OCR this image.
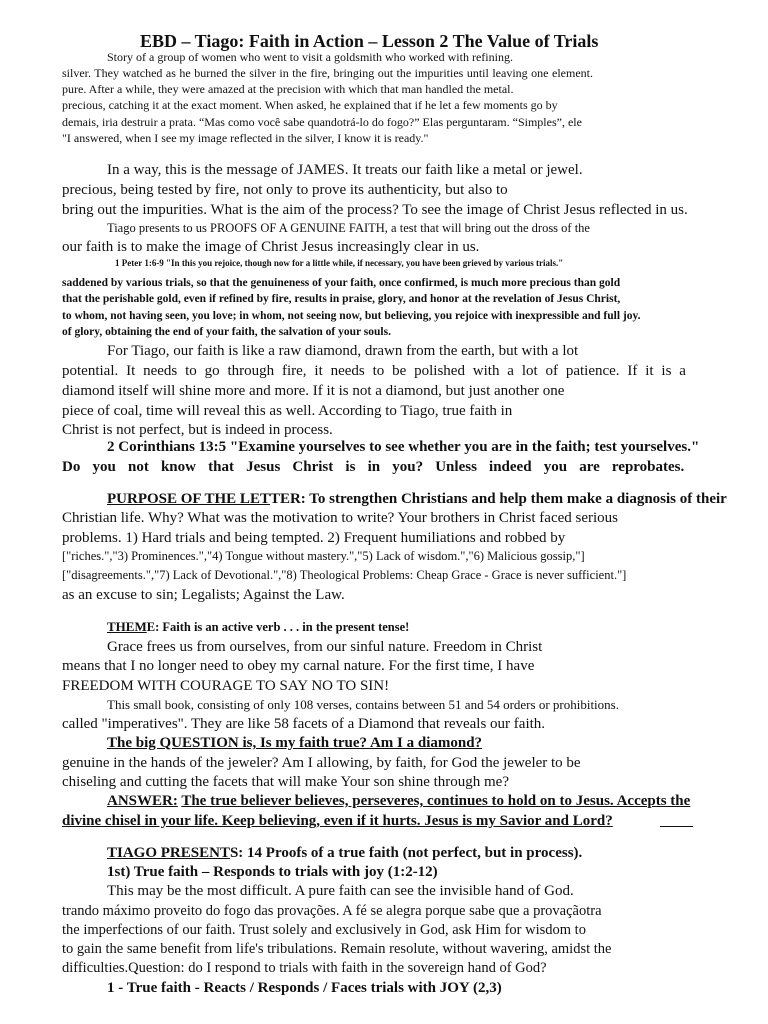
EBD – Tiago: Faith in Action – Lesson 2 The Value of Trials
Story of a group of women who went to visit a goldsmith who worked with refining.
silver. They watched as he burned the silver in the fire, bringing out the impurities until leaving one element.
pure. After a while, they were amazed at the precision with which that man handled the metal.
precious, catching it at the exact moment. When asked, he explained that if he let a few moments go by
demais, iria destruir a prata. “Mas como você sabe quandotrá-lo do fogo?” Elas perguntaram. “Simples”, ele
"I answered, when I see my image reflected in the silver, I know it is ready."
In a way, this is the message of JAMES. It treats our faith like a metal or jewel.
precious, being tested by fire, not only to prove its authenticity, but also to
bring out the impurities. What is the aim of the process? To see the image of Christ Jesus reflected in us.
Tiago presents to us PROOFS OF A GENUINE FAITH, a test that will bring out the dross of the
our faith is to make the image of Christ Jesus increasingly clear in us.
1 Peter 1:6-9 "In this you rejoice, though now for a little while, if necessary, you have been grieved by various trials."
saddened by various trials, so that the genuineness of your faith, once confirmed, is much more precious than gold
that the perishable gold, even if refined by fire, results in praise, glory, and honor at the revelation of Jesus Christ,
to whom, not having seen, you love; in whom, not seeing now, but believing, you rejoice with inexpressible and full joy.
of glory, obtaining the end of your faith, the salvation of your souls.
For Tiago, our faith is like a raw diamond, drawn from the earth, but with a lot
potential. It needs to go through fire, it needs to be polished with a lot of patience. If it is a
diamond itself will shine more and more. If it is not a diamond, but just another one
piece of coal, time will reveal this as well. According to Tiago, true faith in
Christ is not perfect, but is indeed in process.
2 Corinthians 13:5 "Examine yourselves to see whether you are in the faith; test yourselves."
Do you not know that Jesus Christ is in you? Unless indeed you are reprobates.
PURPOSE OF THE LETTER: To strengthen Christians and help them make a diagnosis of their
Christian life. Why? What was the motivation to write? Your brothers in Christ faced serious
problems. 1) Hard trials and being tempted. 2) Frequent humiliations and robbed by
["riches.","3) Prominences.","4) Tongue without mastery.","5) Lack of wisdom.","6) Malicious gossip,"]
["disagreements.","7) Lack of Devotional.","8) Theological Problems: Cheap Grace - Grace is never sufficient."]
as an excuse to sin; Legalists; Against the Law.
THEME: Faith is an active verb . . . in the present tense!
Grace frees us from ourselves, from our sinful nature. Freedom in Christ
means that I no longer need to obey my carnal nature. For the first time, I have
FREEDOM WITH COURAGE TO SAY NO TO SIN!
This small book, consisting of only 108 verses, contains between 51 and 54 orders or prohibitions.
called "imperatives". They are like 58 facets of a Diamond that reveals our faith.
The big QUESTION is, Is my faith true? Am I a diamond?
genuine in the hands of the jeweler? Am I allowing, by faith, for God the jeweler to be
chiseling and cutting the facets that will make Your son shine through me?
ANSWER: The true believer believes, perseveres, continues to hold on to Jesus. Accepts the
divine chisel in your life. Keep believing, even if it hurts. Jesus is my Savior and Lord?
TIAGO PRESENTS: 14 Proofs of a true faith (not perfect, but in process).
1st) True faith – Responds to trials with joy (1:2-12)
This may be the most difficult. A pure faith can see the invisible hand of God.
trando máximo proveito do fogo das provações. A fé se alegra porque sabe que a provaçãotra
the imperfections of our faith. Trust solely and exclusively in God, ask Him for wisdom to
to gain the same benefit from life's tribulations. Remain resolute, without wavering, amidst the
difficulties.Question: do I respond to trials with faith in the sovereign hand of God?
1 - True faith - Reacts / Responds / Faces trials with JOY (2,3)
